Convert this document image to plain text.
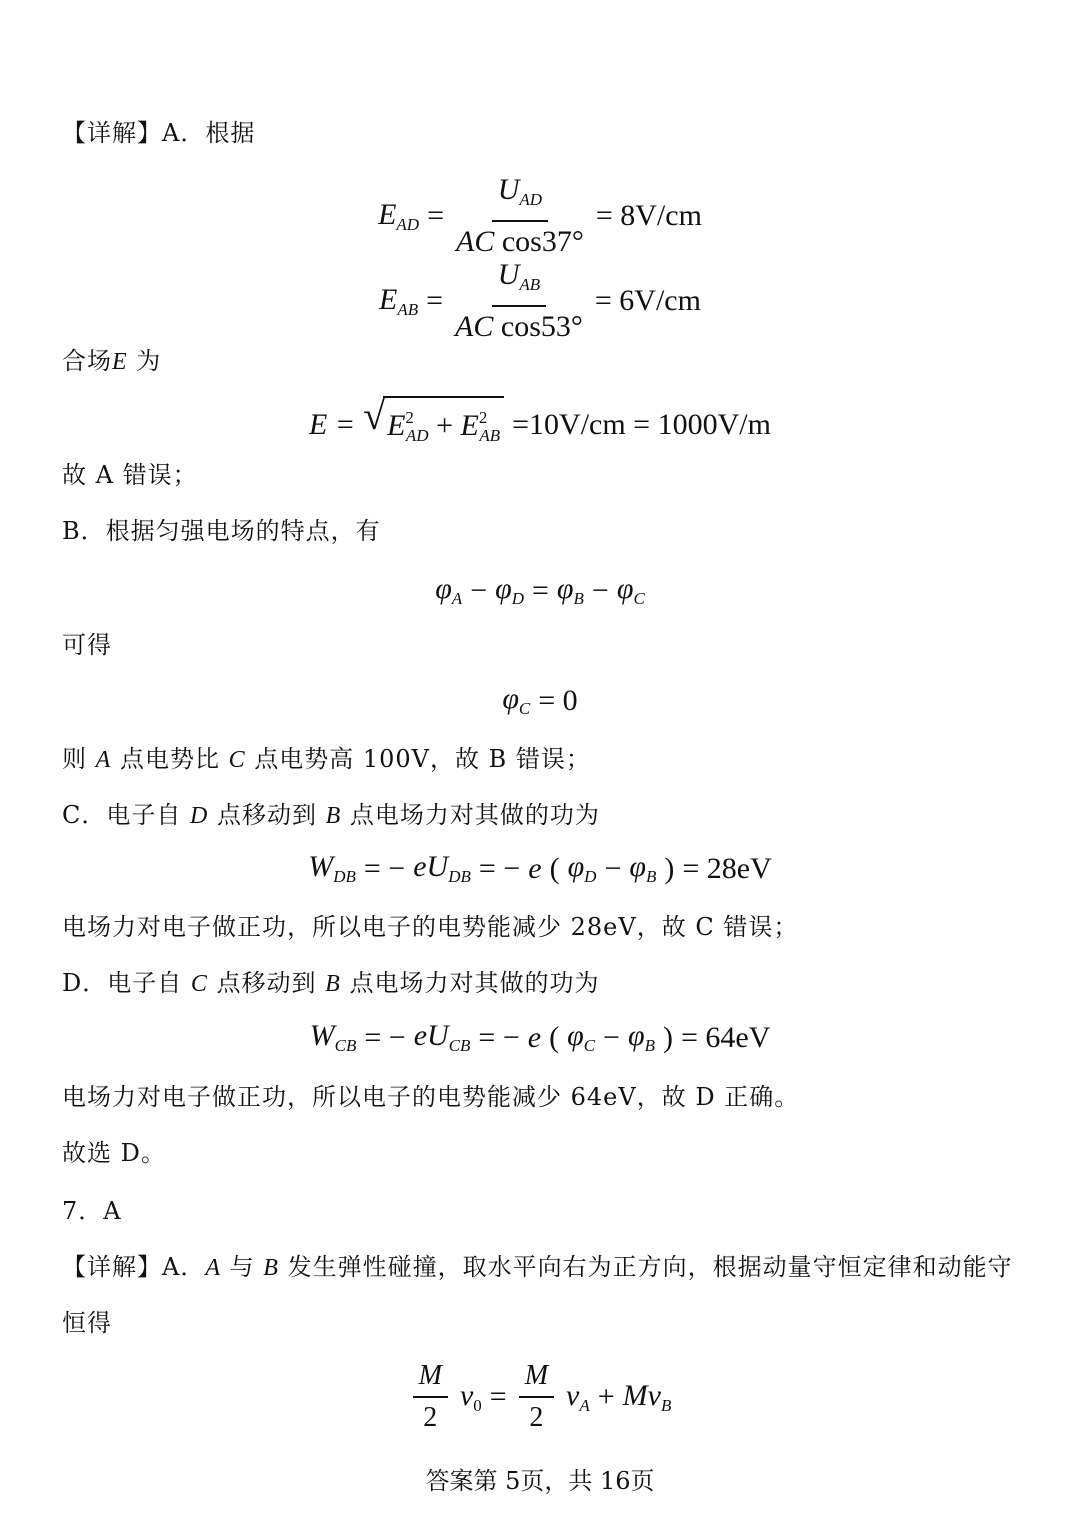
【详解】A．根据
$E_{AD} = \frac{U_{AD}}{\text{AC cos37°}} = 8V/cm$
$E_{AB} = \frac{U_{AB}}{\text{AC cos53°}} = 6V/cm$
合场E 为
E = √ $E^2_{AD} + E^2_{AB} =10V/cm = 1000V/m$
故 A 错误；
B．根据匀强电场的特点，有
$\varphi_A - \varphi_D = \varphi_B - \varphi_C$
可得
$\varphi_C = 0$
则 A 点电势比 C 点电势高 100V，故 B 错误；
C．电子自 D 点移动到 B 点电场力对其做的功为
$W_{DB}$ = − $eU_{DB}$ = − e ( $\varphi_D - \varphi_B$ ) = 28eV
电场力对电子做正功，所以电子的电势能减少 28eV，故 C 错误；
D．电子自 C 点移动到 B 点电场力对其做的功为
$W_{CB}$ = − $eU_{CB}$ = − e ( $\varphi_C - \varphi_B$ ) = 64eV
电场力对电子做正功，所以电子的电势能减少 64eV，故 D 正确。
故选 D。
7．A
【详解】A．A 与 B 发生弹性碰撞，取水平向右为正方向，根据动量守恒定律和动能守
恒得
$\frac{M}{2} v_0 = \frac{M}{2} v_A + Mv_B$
答案第 5页，共 16页
